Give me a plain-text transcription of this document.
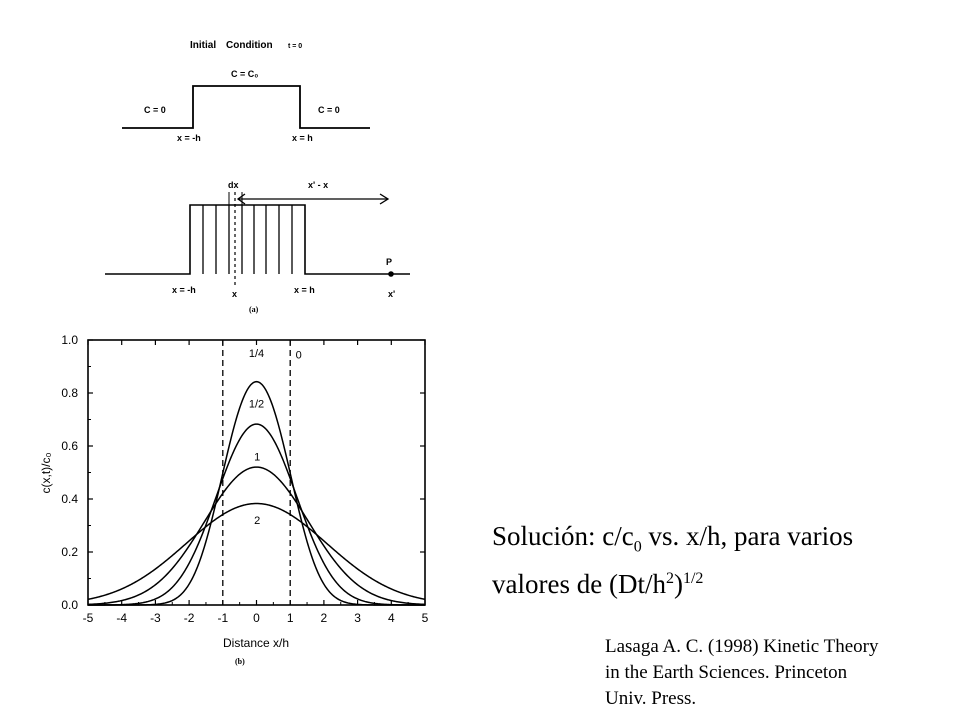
Initial Condition t = 0
C = C₀
C = 0	C = 0
x = -h	x = h
dx	x' - x
P
x = -h	x	x = h	x'
(a)
-5 -4 -3 -2 -1 0 1 2 3 4 5
0.0
0.2
0.4
0.6
0.8
1.0
0
1/4
1/2
1
2
Distance x/h
c(x,t)/c₀
(b)
Solución: $c/c_0$ vs. x/h, para varios
valores de $(Dt/h^2)^{1/2}$
Lasaga A. C. (1998) Kinetic Theory
in the Earth Sciences. Princeton
Univ. Press.
